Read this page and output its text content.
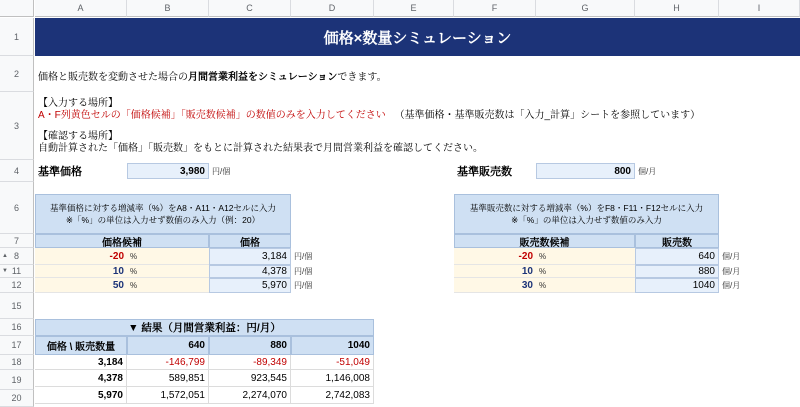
A	B	C	D	E	F	G	H	I
1
2
3
4
6
7
▲ 8
▼ 11
12
15
16
17
18
19
20
価格×数量シミュレーション
価格と販売数を変動させた場合の月間営業利益をシミュレーションできます。
【入力する場所】
A・F列黄色セルの「価格候補」「販売数候補」の数値のみを入力してください （基準価格・基準販売数は「入力_計算」シートを参照しています）
【確認する場所】
自動計算された「価格」「販売数」をもとに計算された結果表で月間営業利益を確認してください。
基準価格	3,980 円/個	基準販売数	800 個/月
基準価格に対する増減率（%）をA8・A11・A12セルに入力
※「%」の単位は入力せず数値のみ入力（例：20）
基準販売数に対する増減率（%）をF8・F11・F12セルに入力
※「%」の単位は入力せず数値のみ入力
価格候補	価格	販売数候補	販売数
-20 %	3,184 円/個
10 %	4,378 円/個
50 %	5,970 円/個
-20 %	640 個/月
10 %	880 個/月
30 %	1040 個/月
▼ 結果（月間営業利益：円/月）
価格 \ 販売数量	640	880	1040
3,184	-146,799	-89,349	-51,049
4,378	589,851	923,545	1,146,008
5,970	1,572,051	2,274,070	2,742,083
